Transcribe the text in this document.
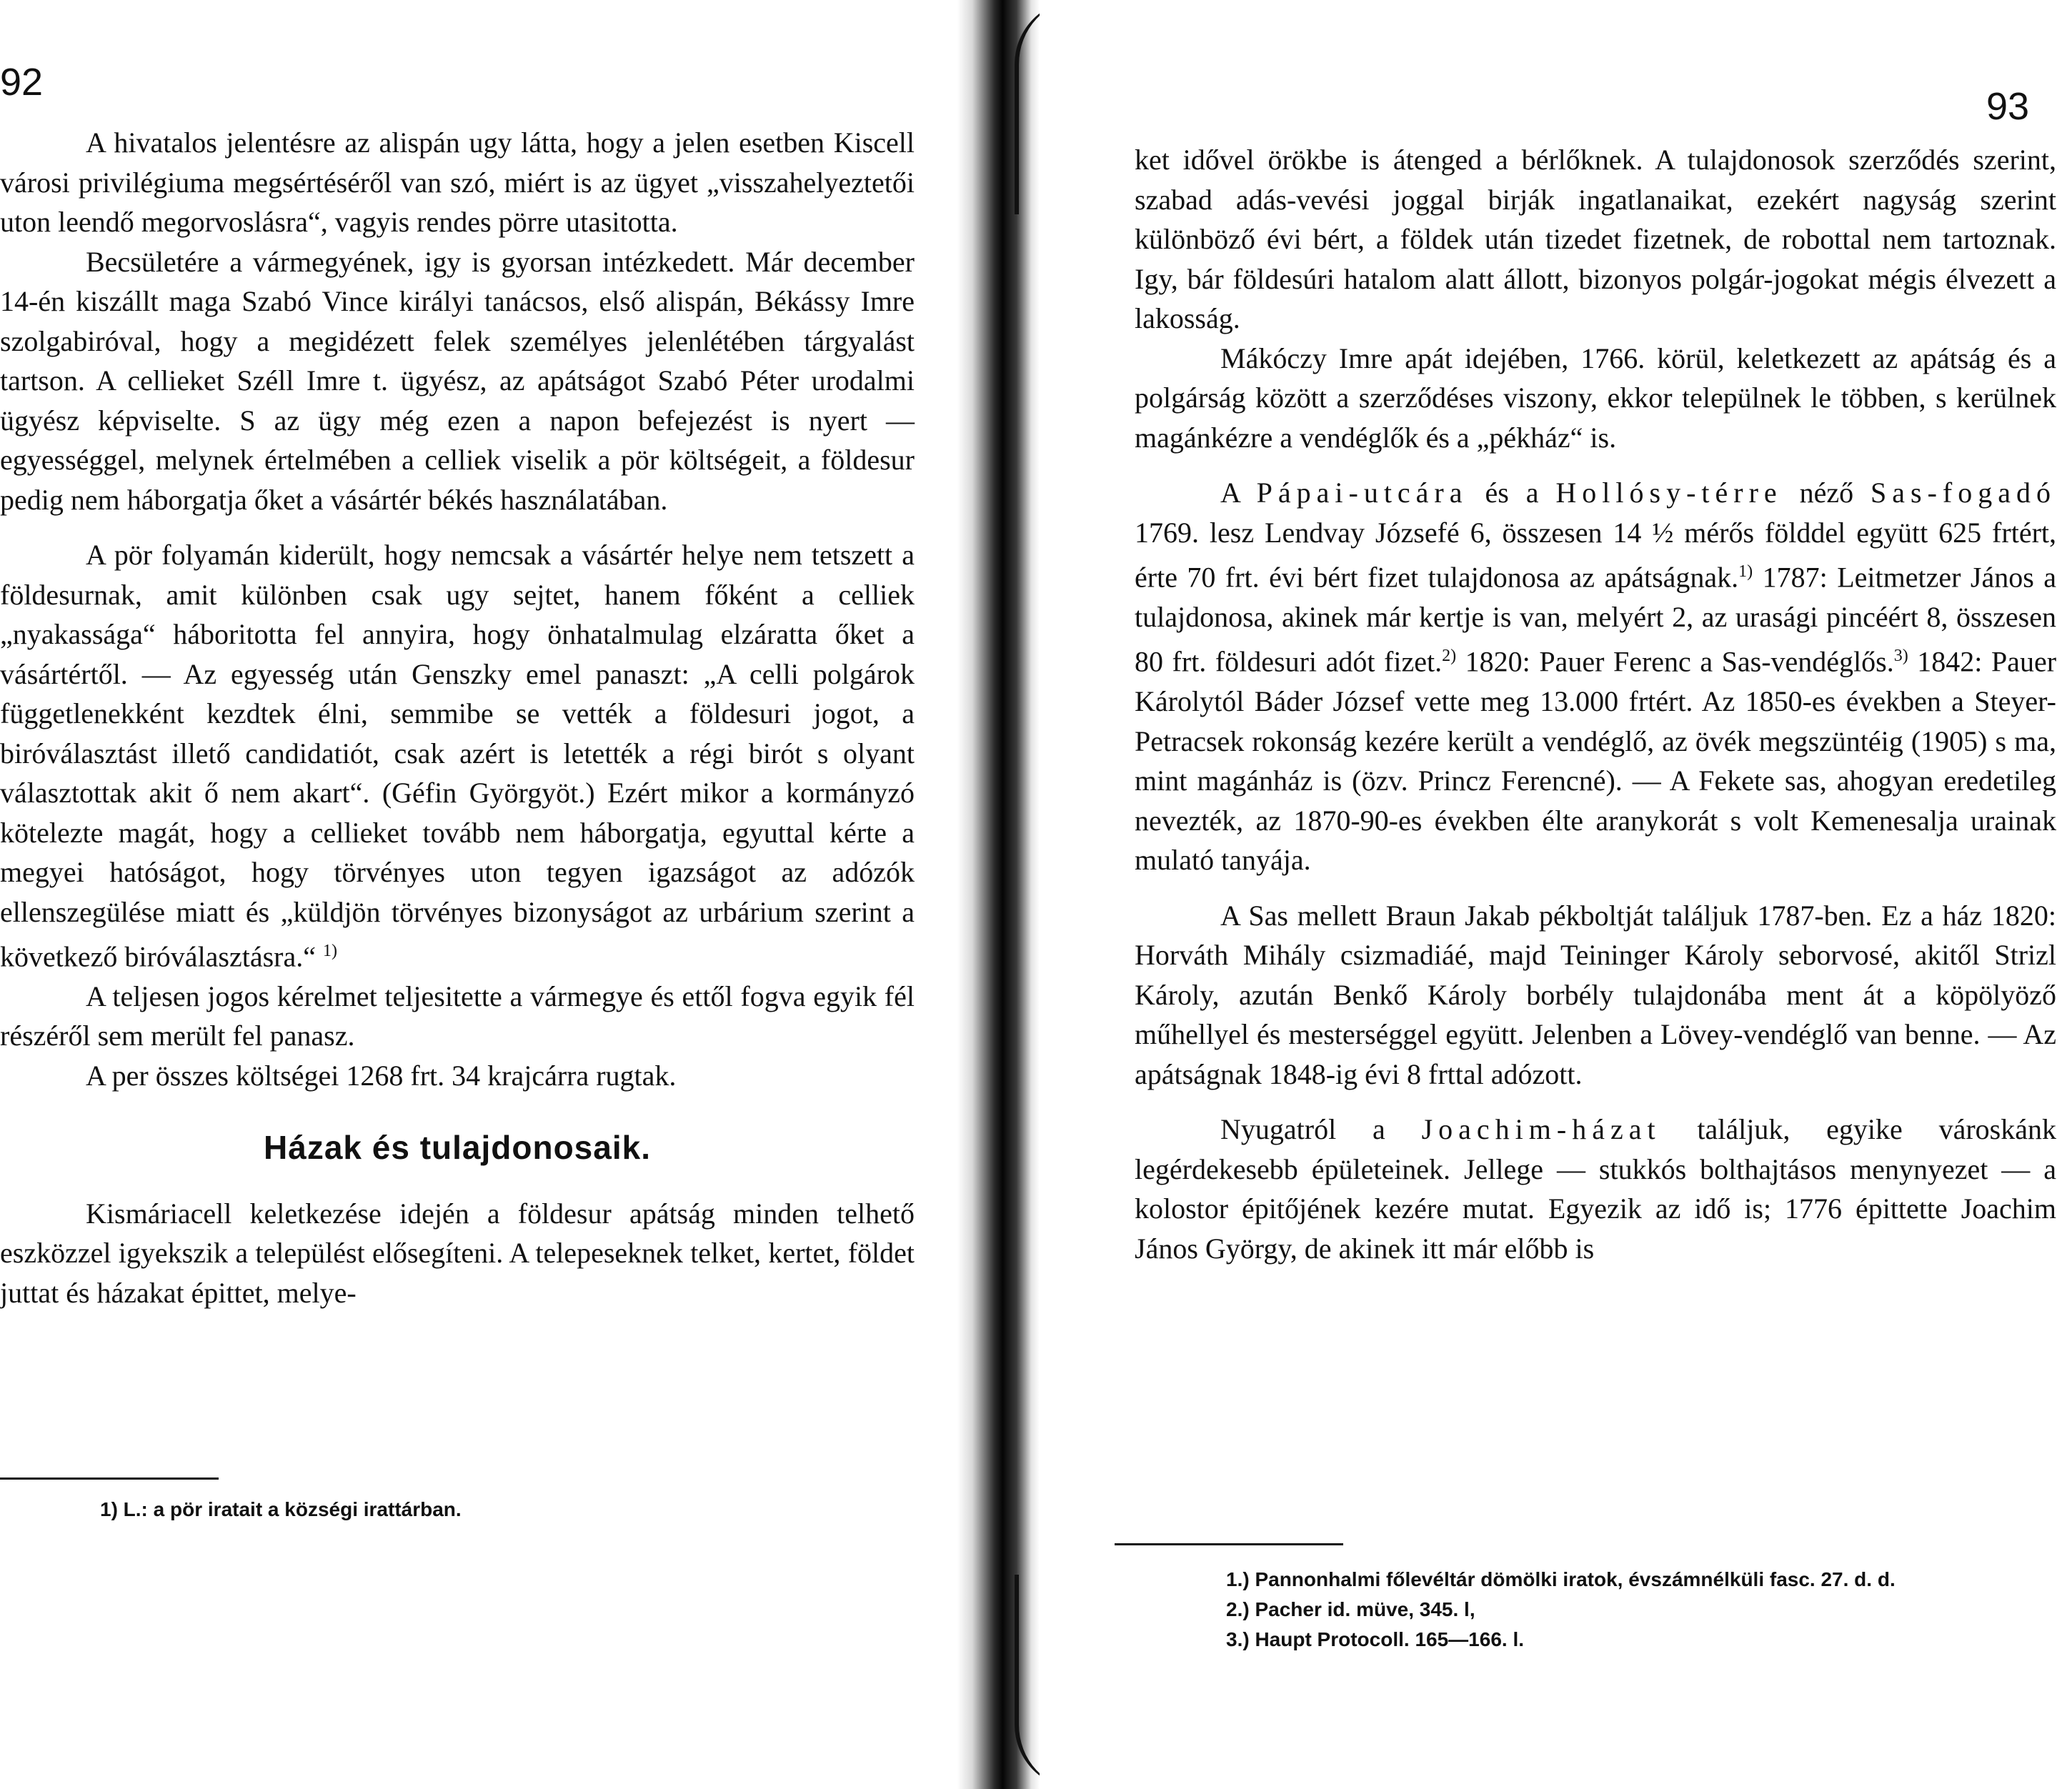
92

A hivatalos jelentésre az alispán ugy látta, hogy a jelen esetben Kiscell városi privilégiuma megsértéséről van szó, miért is az ügyet „visszahelyeztetői uton leendő megorvoslásra“, vagyis rendes pörre utasitotta.

Becsületére a vármegyének, igy is gyorsan intézkedett. Már december 14-én kiszállt maga Szabó Vince királyi tanácsos, első alispán, Békássy Imre szolgabiróval, hogy a megidézett felek személyes jelenlétében tárgyalást tartson. A cellieket Széll Imre t. ügyész, az apátságot Szabó Péter urodalmi ügyész képviselte. S az ügy még ezen a napon befejezést is nyert — egyességgel, melynek értelmében a celliek viselik a pör költségeit, a földesur pedig nem háborgatja őket a vásártér békés használatában.

A pör folyamán kiderült, hogy nemcsak a vásártér helye nem tetszett a földesurnak, amit különben csak ugy sejtet, hanem főként a celliek „nyakassága“ háboritotta fel annyira, hogy önhatalmulag elzáratta őket a vásártértől. — Az egyesség után Genszky emel panaszt: „A celli polgárok függetlenekként kezdtek élni, semmibe se vették a földesuri jogot, a biróválasztást illető candidatiót, csak azért is letették a régi birót s olyant választottak akit ő nem akart“. (Géfin Györgyöt.) Ezért mikor a kormányzó kötelezte magát, hogy a cellieket tovább nem háborgatja, egyuttal kérte a megyei hatóságot, hogy törvényes uton tegyen igazságot az adózók ellenszegülése miatt és „küldjön törvényes bizonyságot az urbárium szerint a következő biróválasztásra.“ $^{1)}$

A teljesen jogos kérelmet teljesitette a vármegye és ettől fogva egyik fél részéről sem merült fel panasz.

A per összes költségei 1268 frt. 34 krajcárra rugtak.

Házak és tulajdonosaik.

Kismáriacell keletkezése idején a földesur apátság minden telhető eszközzel igyekszik a települést elősegíteni. A telepeseknek telket, kertet, földet juttat és házakat épittet, melye-

1) L.: a pör iratait a községi irattárban.
93

ket idővel örökbe is átenged a bérlőknek. A tulajdonosok szerződés szerint, szabad adás-vevési joggal birják ingatlanaikat, ezekért nagyság szerint különböző évi bért, a földek után tizedet fizetnek, de robottal nem tartoznak. Igy, bár földesúri hatalom alatt állott, bizonyos polgár-jogokat mégis élvezett a lakosság.

Mákóczy Imre apát idejében, 1766. körül, keletkezett az apátság és a polgárság között a szerződéses viszony, ekkor települnek le többen, s kerülnek magánkézre a vendéglők és a „pékház“ is.

A Pápai-utcára és a Hollósy-térre néző Sas-fogadó 1769. lesz Lendvay Józsefé 6, összesen 14 ½ mérős földdel együtt 625 frtért, érte 70 frt. évi bért fizet tulajdonosa az apátságnak.$^{1)}$ 1787: Leitmetzer János a tulajdonosa, akinek már kertje is van, melyért 2, az urasági pincéért 8, összesen 80 frt. földesuri adót fizet.$^{2)}$ 1820: Pauer Ferenc a Sas-vendéglős.$^{3)}$ 1842: Pauer Károlytól Báder József vette meg 13.000 frtért. Az 1850-es években a Steyer-Petracsek rokonság kezére került a vendéglő, az övék megszüntéig (1905) s ma, mint magánház is (özv. Princz Ferencné). — A Fekete sas, ahogyan eredetileg nevezték, az 1870-90-es években élte aranykorát s volt Kemenesalja urainak mulató tanyája.

A Sas mellett Braun Jakab pékboltját találjuk 1787-ben. Ez a ház 1820: Horváth Mihály csizmadiáé, majd Teininger Károly seborvosé, akitől Strizl Károly, azután Benkő Károly borbély tulajdonába ment át a köpölyöző műhellyel és mesterséggel együtt. Jelenben a Lövey-vendéglő van benne. — Az apátságnak 1848-ig évi 8 frttal adózott.

Nyugatról a Joachim-házat találjuk, egyike városkánk legérdekesebb épületeinek. Jellege — stukkós bolthajtásos menynyezet — a kolostor épitőjének kezére mutat. Egyezik az idő is; 1776 épittette Joachim János György, de akinek itt már előbb is

1.) Pannonhalmi főlevéltár dömölki iratok, évszámnélküli fasc. 27. d. d.
2.) Pacher id. müve, 345. l,
3.) Haupt Protocoll. 165—166. l.
